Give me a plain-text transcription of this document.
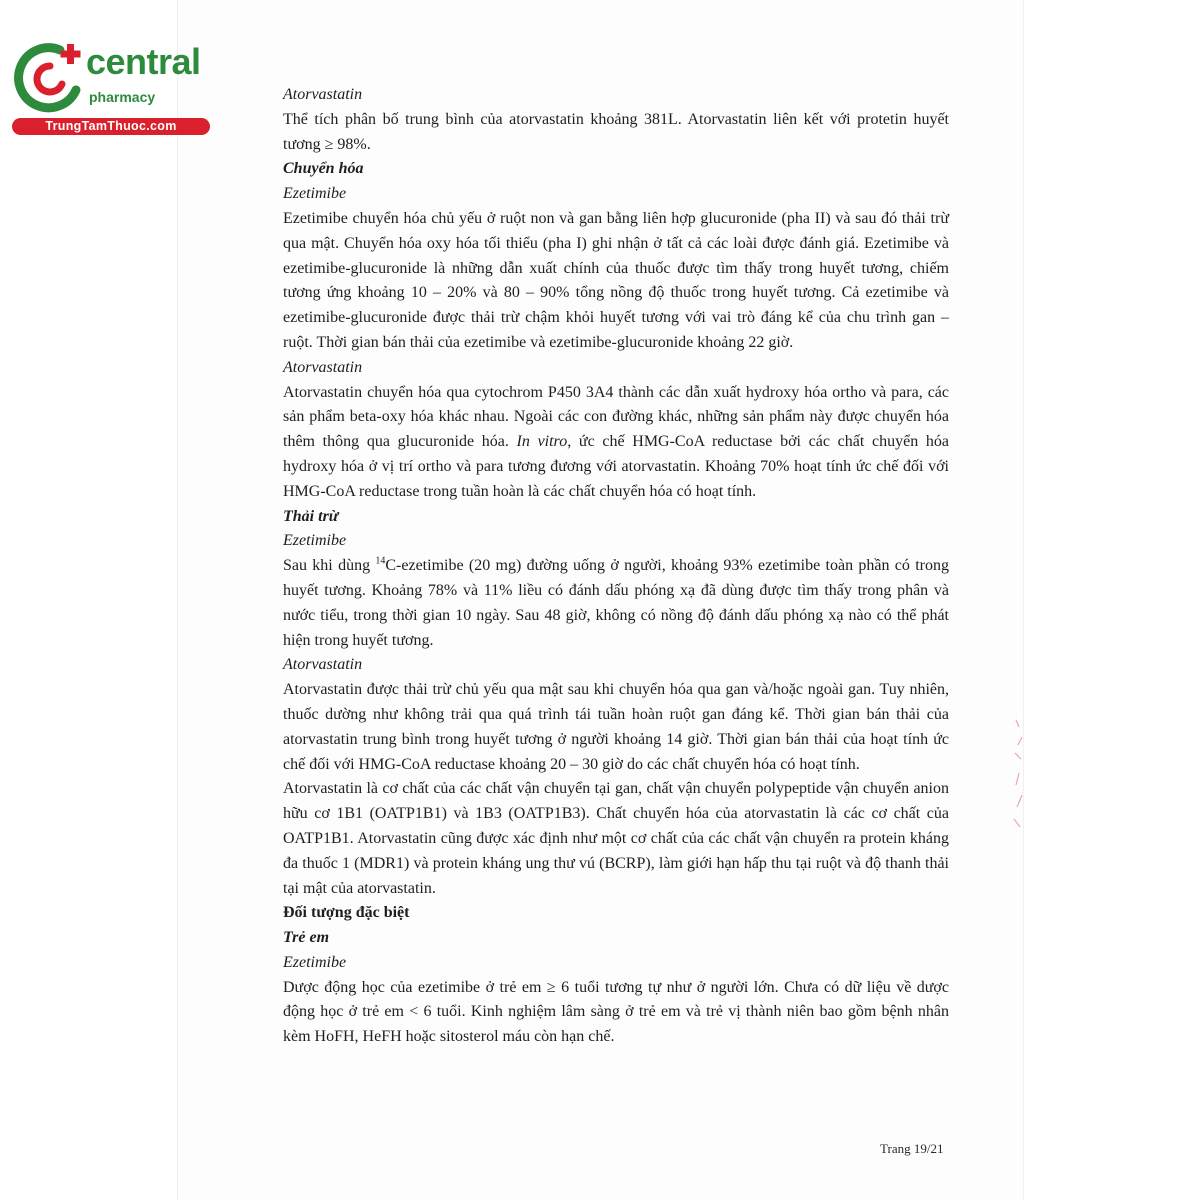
central
pharmacy
TrungTamThuoc.com

Atorvastatin

Thể tích phân bố trung bình của atorvastatin khoảng 381L. Atorvastatin liên kết với protetin huyết tương ≥ 98%.

Chuyển hóa

Ezetimibe

Ezetimibe chuyển hóa chủ yếu ở ruột non và gan bằng liên hợp glucuronide (pha II) và sau đó thải trừ qua mật. Chuyển hóa oxy hóa tối thiểu (pha I) ghi nhận ở tất cả các loài được đánh giá. Ezetimibe và ezetimibe-glucuronide là những dẫn xuất chính của thuốc được tìm thấy trong huyết tương, chiếm tương ứng khoảng 10 – 20% và 80 – 90% tổng nồng độ thuốc trong huyết tương. Cả ezetimibe và ezetimibe-glucuronide được thải trừ chậm khỏi huyết tương với vai trò đáng kể của chu trình gan – ruột. Thời gian bán thải của ezetimibe và ezetimibe-glucuronide khoảng 22 giờ.

Atorvastatin

Atorvastatin chuyển hóa qua cytochrom P450 3A4 thành các dẫn xuất hydroxy hóa ortho và para, các sản phẩm beta-oxy hóa khác nhau. Ngoài các con đường khác, những sản phẩm này được chuyển hóa thêm thông qua glucuronide hóa. In vitro, ức chế HMG-CoA reductase bởi các chất chuyển hóa hydroxy hóa ở vị trí ortho và para tương đương với atorvastatin. Khoảng 70% hoạt tính ức chế đối với HMG-CoA reductase trong tuần hoàn là các chất chuyển hóa có hoạt tính.

Thải trừ

Ezetimibe

Sau khi dùng $^{14}$C-ezetimibe (20 mg) đường uống ở người, khoảng 93% ezetimibe toàn phần có trong huyết tương. Khoảng 78% và 11% liều có đánh dấu phóng xạ đã dùng được tìm thấy trong phân và nước tiểu, trong thời gian 10 ngày. Sau 48 giờ, không có nồng độ đánh dấu phóng xạ nào có thể phát hiện trong huyết tương.

Atorvastatin

Atorvastatin được thải trừ chủ yếu qua mật sau khi chuyển hóa qua gan và/hoặc ngoài gan. Tuy nhiên, thuốc dường như không trải qua quá trình tái tuần hoàn ruột gan đáng kể. Thời gian bán thải của atorvastatin trung bình trong huyết tương ở người khoảng 14 giờ. Thời gian bán thải của hoạt tính ức chế đối với HMG-CoA reductase khoảng 20 – 30 giờ do các chất chuyển hóa có hoạt tính.

Atorvastatin là cơ chất của các chất vận chuyển tại gan, chất vận chuyển polypeptide vận chuyển anion hữu cơ 1B1 (OATP1B1) và 1B3 (OATP1B3). Chất chuyển hóa của atorvastatin là các cơ chất của OATP1B1. Atorvastatin cũng được xác định như một cơ chất của các chất vận chuyển ra protein kháng đa thuốc 1 (MDR1) và protein kháng ung thư vú (BCRP), làm giới hạn hấp thu tại ruột và độ thanh thải tại mật của atorvastatin.

Đối tượng đặc biệt

Trẻ em

Ezetimibe

Dược động học của ezetimibe ở trẻ em ≥ 6 tuổi tương tự như ở người lớn. Chưa có dữ liệu về dược động học ở trẻ em < 6 tuổi. Kinh nghiệm lâm sàng ở trẻ em và trẻ vị thành niên bao gồm bệnh nhân kèm HoFH, HeFH hoặc sitosterol máu còn hạn chế.

Trang 19/21
